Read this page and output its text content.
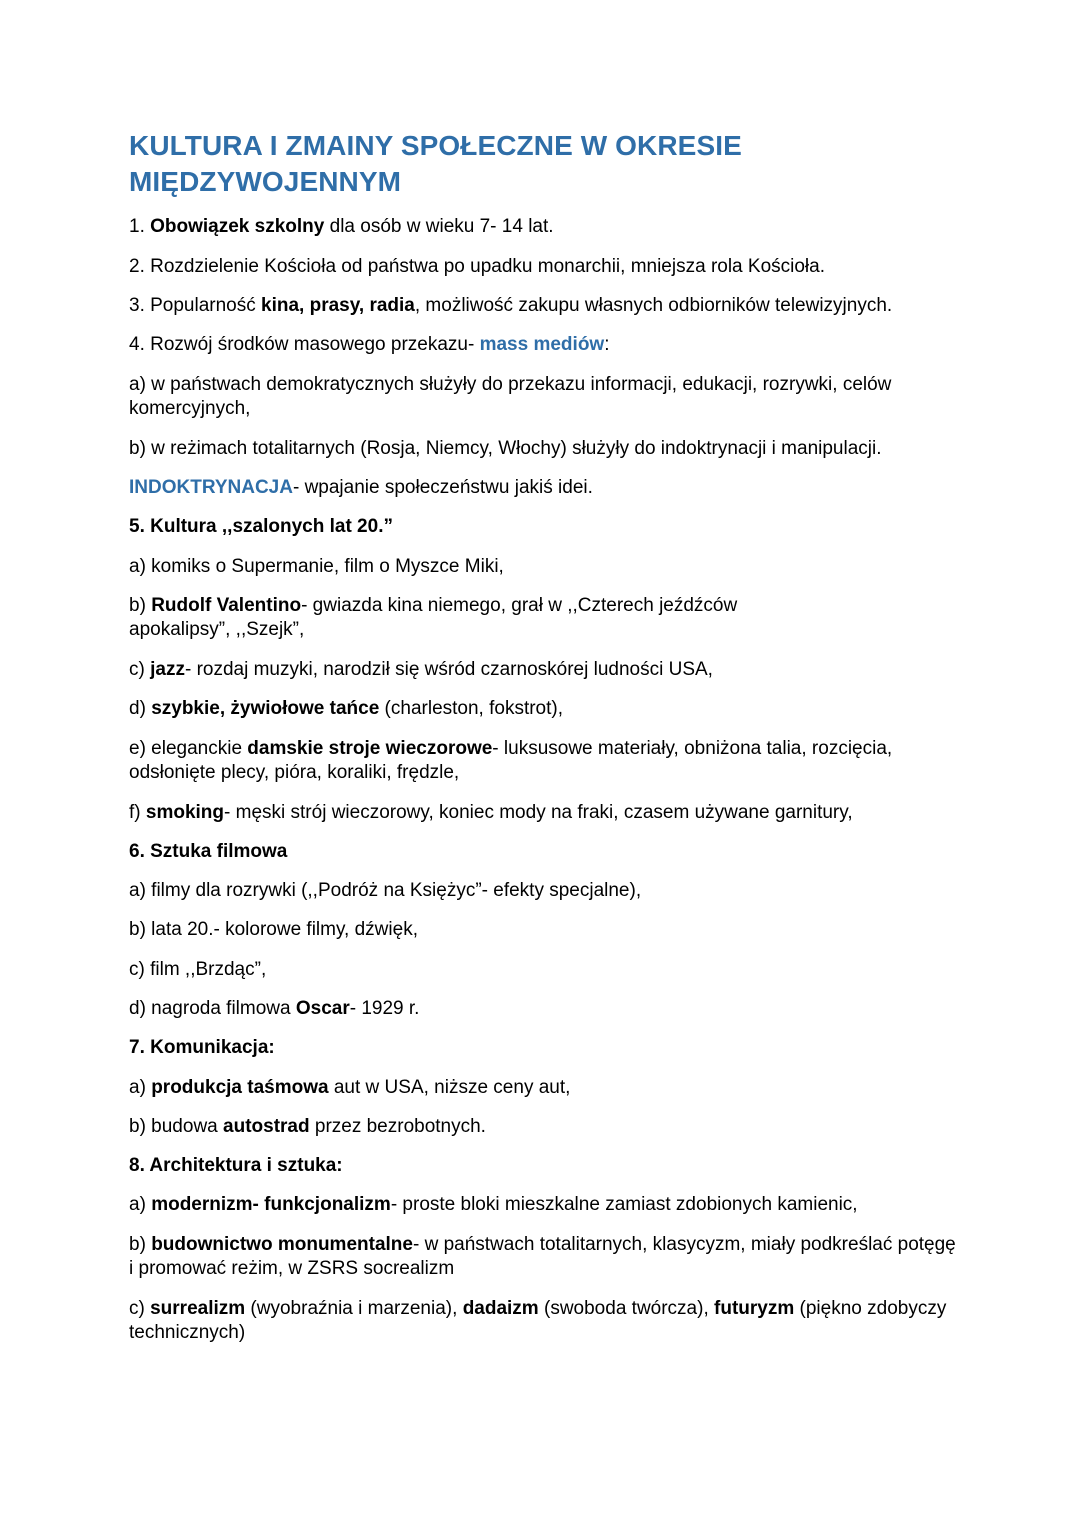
KULTURA I ZMAINY SPOŁECZNE W OKRESIE
MIĘDZYWOJENNYM
1. Obowiązek szkolny dla osób w wieku 7- 14 lat.
2. Rozdzielenie Kościoła od państwa po upadku monarchii, mniejsza rola Kościoła.
3. Popularność kina, prasy, radia, możliwość zakupu własnych odbiorników telewizyjnych.
4. Rozwój środków masowego przekazu- mass mediów:
a) w państwach demokratycznych służyły do przekazu informacji, edukacji, rozrywki, celów komercyjnych,
b) w reżimach totalitarnych (Rosja, Niemcy, Włochy) służyły do indoktrynacji i manipulacji.
INDOKTRYNACJA- wpajanie społeczeństwu jakiś idei.
5. Kultura ,,szalonych lat 20.”
a) komiks o Supermanie, film o Myszce Miki,
b) Rudolf Valentino- gwiazda kina niemego, grał w ,,Czterech jeźdźców
apokalipsy”, ,,Szejk”,
c) jazz- rozdaj muzyki, narodził się wśród czarnoskórej ludności USA,
d) szybkie, żywiołowe tańce (charleston, fokstrot),
e) eleganckie damskie stroje wieczorowe- luksusowe materiały, obniżona talia, rozcięcia, odsłonięte plecy, pióra, koraliki, frędzle,
f) smoking- męski strój wieczorowy, koniec mody na fraki, czasem używane garnitury,
6. Sztuka filmowa
a) filmy dla rozrywki (,,Podróż na Księżyc”- efekty specjalne),
b) lata 20.- kolorowe filmy, dźwięk,
c) film ,,Brzdąc”,
d) nagroda filmowa Oscar- 1929 r.
7. Komunikacja:
a) produkcja taśmowa aut w USA, niższe ceny aut,
b) budowa autostrad przez bezrobotnych.
8. Architektura i sztuka:
a) modernizm- funkcjonalizm- proste bloki mieszkalne zamiast zdobionych kamienic,
b) budownictwo monumentalne- w państwach totalitarnych, klasycyzm, miały podkreślać potęgę i promować reżim, w ZSRS socrealizm
c) surrealizm (wyobraźnia i marzenia), dadaizm (swoboda twórcza), futuryzm (piękno zdobyczy technicznych)
